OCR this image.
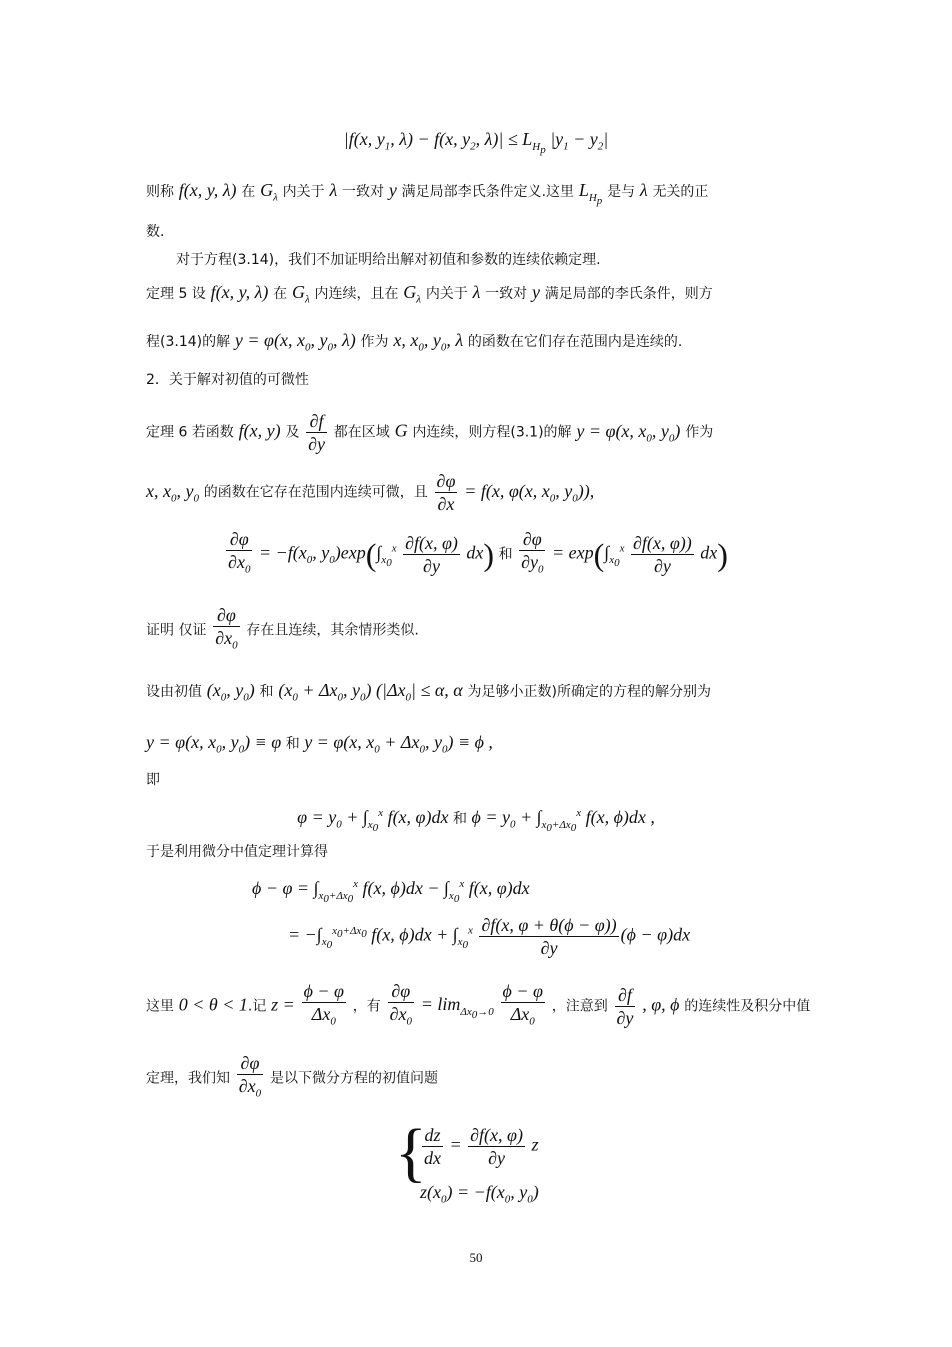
|f(x, $y_1$, λ) − f(x, $y_2$, $\lambda)| \le L_{H_p}$ $|y_1 - y_2|$
则称 f(x, y, λ) 在 $G_\lambda$ 内关于 λ 一致对 y 满足局部李氏条件定义.这里 $L_{H_p}$ 是与 λ 无关的正
数.
对于方程(3.14)，我们不加证明给出解对初值和参数的连续依赖定理.
定理 5 设 f(x, y, λ) 在 $G_\lambda$ 内连续，且在 $G_\lambda$ 内关于 λ 一致对 y 满足局部的李氏条件，则方
程(3.14)的解 y = φ(x, $x_0$, $y_0$, λ) 作为 x, $x_0$, $y_0$, λ 的函数在它们存在范围内是连续的.
2．关于解对初值的可微性
定理 6 若函数 f(x, y) 及 $\frac{\partial f}{\partial y}$ 都在区域 G 内连续，则方程(3.1)的解 y = φ(x, $x_0$, $y_0$) 作为
x, $x_0$, $y_0$ 的函数在它存在范围内连续可微，且 $\frac{\partial\varphi}{\partial x} = f(x$, φ(x, $x_0$, $y_0$)),
$\frac{\partial\varphi}{\partial x_0} = -f(x_0$, $y_0)\exp(\int_{x_0}^x \frac{\partial f(x, \varphi)}{\partial y} dx)$ 和 $\frac{\partial\varphi}{\partial y_0} = \exp(\int_{x_0}^x \frac{\partial f(x, \varphi))}{\partial y} dx)$
证明 仅证 $\frac{\partial\varphi}{\partial x_0}$ 存在且连续，其余情形类似.
设由初值 ($x_0$, $y_0$) 和 ($x_0 + \Delta x_0$, $y_0$) ($|\Delta x_0| \le \alpha$, α 为足够小正数)所确定的方程的解分别为
y = φ(x, $x_0$, $y_0) \equiv \varphi$ 和 y = φ(x, $x_0 + \Delta x_0$, $y_0) \equiv \phi$ ,
即
$\varphi = y_0 + \int_{x_0}^x$ f(x, φ)dx 和 $\phi = y_0 + \int_{x_0+\Delta x_0}^x$ f(x, ϕ)dx ,
于是利用微分中值定理计算得
$\phi - \varphi = \int_{x_0+\Delta x_0}^x$ f(x, $\phi)dx - \int_{x_0}^x$ f(x, φ)dx
= $-\int_{x_0}^{x_0+\Delta x_0}$ f(x, $\phi)dx + \int_{x_0}^x \frac{\partial f(x, \varphi + \theta(\phi - \varphi))}{\partial y} (\phi - \varphi)dx$
这里 0 < θ < 1.记 $z = \frac{\phi - \varphi}{\Delta x_0}$ ，有 $\frac{\partial\varphi}{\partial x_0} = \lim_{\Delta x_0\to 0} \frac{\phi - \varphi}{\Delta x_0}$ ，注意到 $\frac{\partial f}{\partial y}$ , φ, ϕ 的连续性及积分中值
定理，我们知 $\frac{\partial\varphi}{\partial x_0}$ 是以下微分方程的初值问题
{
$\frac{dz}{dx} = \frac{\partial f(x, \varphi)}{\partial y}$ z
$z(x_0) = -f(x_0$, $y_0$)
50
